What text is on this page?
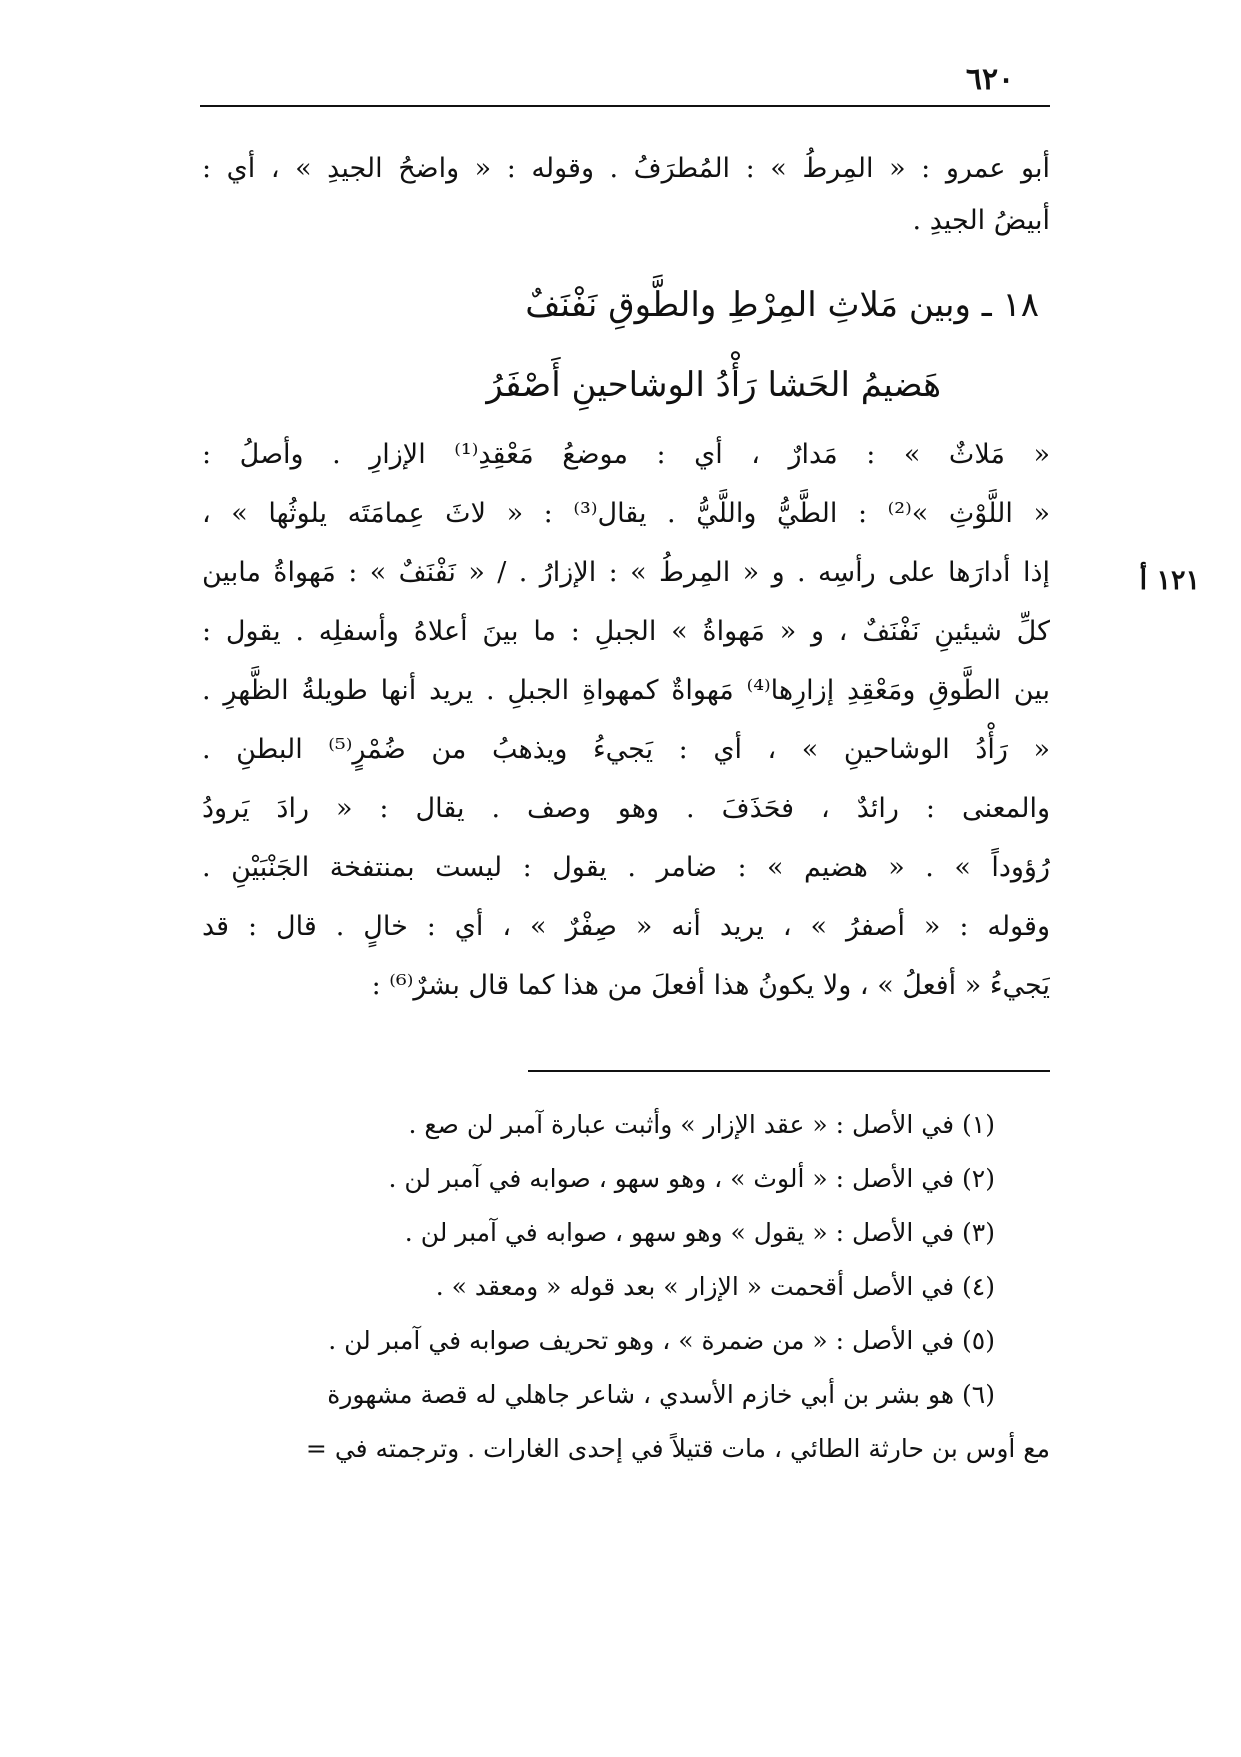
٦٢٠
أبو عمرو : « المِرطُ » : المُطرَفُ . وقوله : « واضحُ الجيدِ » ، أي :
أبيضُ الجيدِ .
١٨ ـ وبين مَلاثِ المِرْطِ والطَّوقِ نَفْنَفٌ
هَضيمُ الحَشا رَأْدُ الوشاحينِ أَصْفَرُ
١٢١ أ
« مَلاثٌ » : مَدارٌ ، أي : موضعُ مَعْقِدِ⁽¹⁾ الإزارِ . وأصلُ :
« اللَّوْثِ »⁽²⁾ : الطَّيُّ واللَّيُّ . يقال⁽³⁾ : « لاثَ عِمامَتَه يلوثُها » ،
إذا أدارَها على رأسِه . و « المِرطُ » : الإزارُ . / « نَفْنَفٌ » : مَهواةُ مابين
كلِّ شيئينِ نَفْنَفٌ ، و « مَهواةُ » الجبلِ : ما بينَ أعلاهُ وأسفلِه . يقول :
بين الطَّوقِ ومَعْقِدِ إزارِها⁽⁴⁾ مَهواةٌ كمهواةِ الجبلِ . يريد أنها طويلةُ الظَّهرِ .
« رَأْدُ الوشاحينِ » ، أي : يَجيءُ ويذهبُ من ضُمْرٍ⁽⁵⁾ البطنِ .
والمعنى : رائدٌ ، فحَذَفَ . وهو وصف . يقال : « رادَ يَرودُ
رُؤوداً » . « هضيم » : ضامر . يقول : ليست بمنتفخة الجَنْبَيْنِ .
وقوله : « أصفرُ » ، يريد أنه « صِفْرٌ » ، أي : خالٍ . قال : قد
يَجيءُ « أفعلُ » ، ولا يكونُ هذا أفعلَ من هذا كما قال بشرٌ⁽⁶⁾ :
(١) في الأصل : « عقد الإزار » وأثبت عبارة آمبر لن صع .
(٢) في الأصل : « ألوث » ، وهو سهو ، صوابه في آمبر لن .
(٣) في الأصل : « يقول » وهو سهو ، صوابه في آمبر لن .
(٤) في الأصل أقحمت « الإزار » بعد قوله « ومعقد » .
(٥) في الأصل : « من ضمرة » ، وهو تحريف صوابه في آمبر لن .
(٦) هو بشر بن أبي خازم الأسدي ، شاعر جاهلي له قصة مشهورة
مع أوس بن حارثة الطائي ، مات قتيلاً في إحدى الغارات . وترجمته في =
